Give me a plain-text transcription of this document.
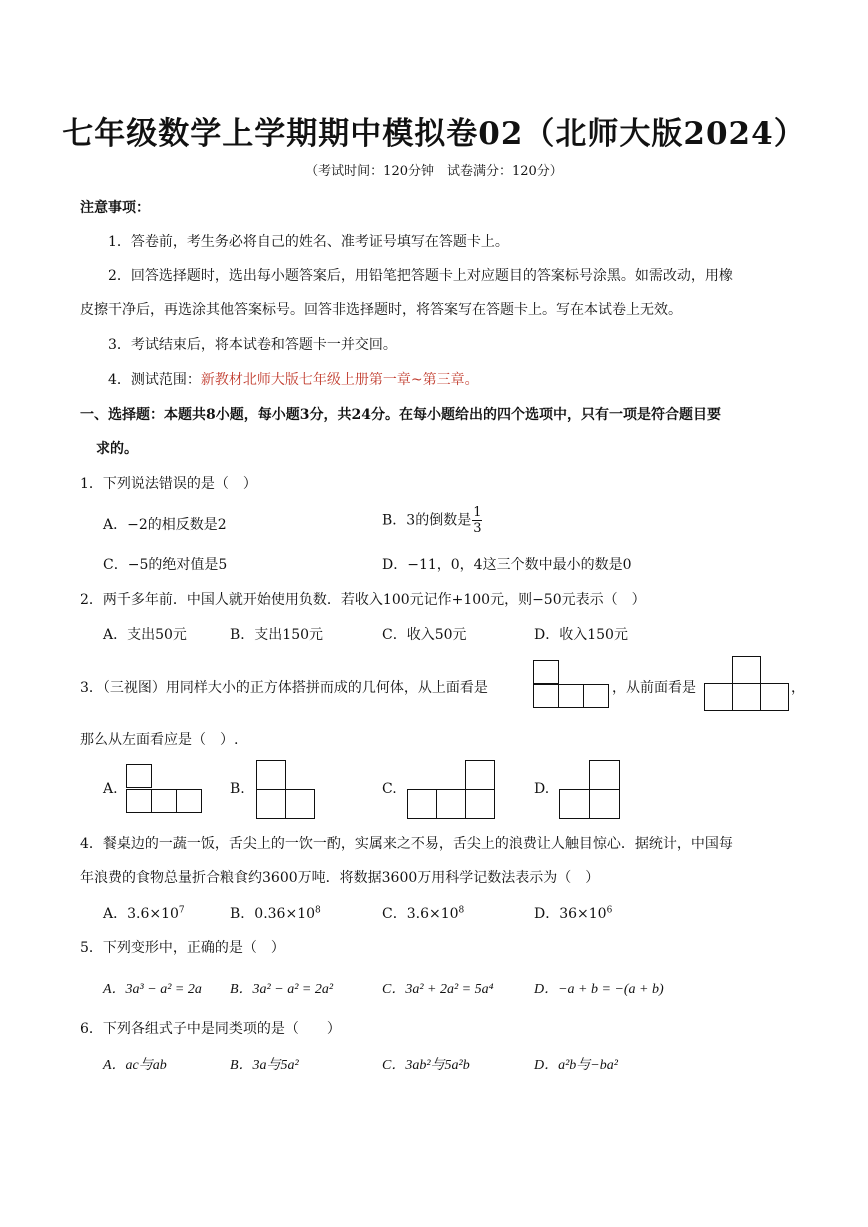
七年级数学上学期期中模拟卷02（北师大版2024）
（考试时间：120分钟　试卷满分：120分）
注意事项：
1．答卷前，考生务必将自己的姓名、准考证号填写在答题卡上。
2．回答选择题时，选出每小题答案后，用铅笔把答题卡上对应题目的答案标号涂黑。如需改动，用橡
皮擦干净后，再选涂其他答案标号。回答非选择题时，将答案写在答题卡上。写在本试卷上无效。
3．考试结束后，将本试卷和答题卡一并交回。
4．测试范围：新教材北师大版七年级上册第一章~第三章。
一、选择题：本题共8小题，每小题3分，共24分。在每小题给出的四个选项中，只有一项是符合题目要
求的。
1．下列说法错误的是（　）
A．−2的相反数是2	B．3的倒数是 $\frac{1}{3}$
C．−5的绝对值是5	D．−11，0，4这三个数中最小的数是0
2．两千多年前．中国人就开始使用负数．若收入100元记作+100元，则−50元表示（　）
A．支出50元	B．支出150元	C．收入50元	D．收入150元
3．（三视图）用同样大小的正方体搭拼而成的几何体，从上面看是	，从前面看是	，
那么从左面看应是（　）.
A.	B.	C.	D.
4．餐桌边的一蔬一饭，舌尖上的一饮一酌，实属来之不易，舌尖上的浪费让人触目惊心．据统计，中国每
年浪费的食物总量折合粮食约3600万吨．将数据3600万用科学记数法表示为（　）
A．$3.6\times 10^7$	B．$0.36\times 10^8$	C．$3.6\times 10^8$	D．$36\times 10^6$
5．下列变形中，正确的是（　）
A．3a³ − a² = 2a B．3a² − a² = 2a²	C．3a² + 2a² = 5a⁴	D．−a + b = −(a + b)
6．下列各组式子中是同类项的是（　　）
A．ac与ab	B．3a与5a²	C．3ab²与5a²b	D．a²b与−ba²
